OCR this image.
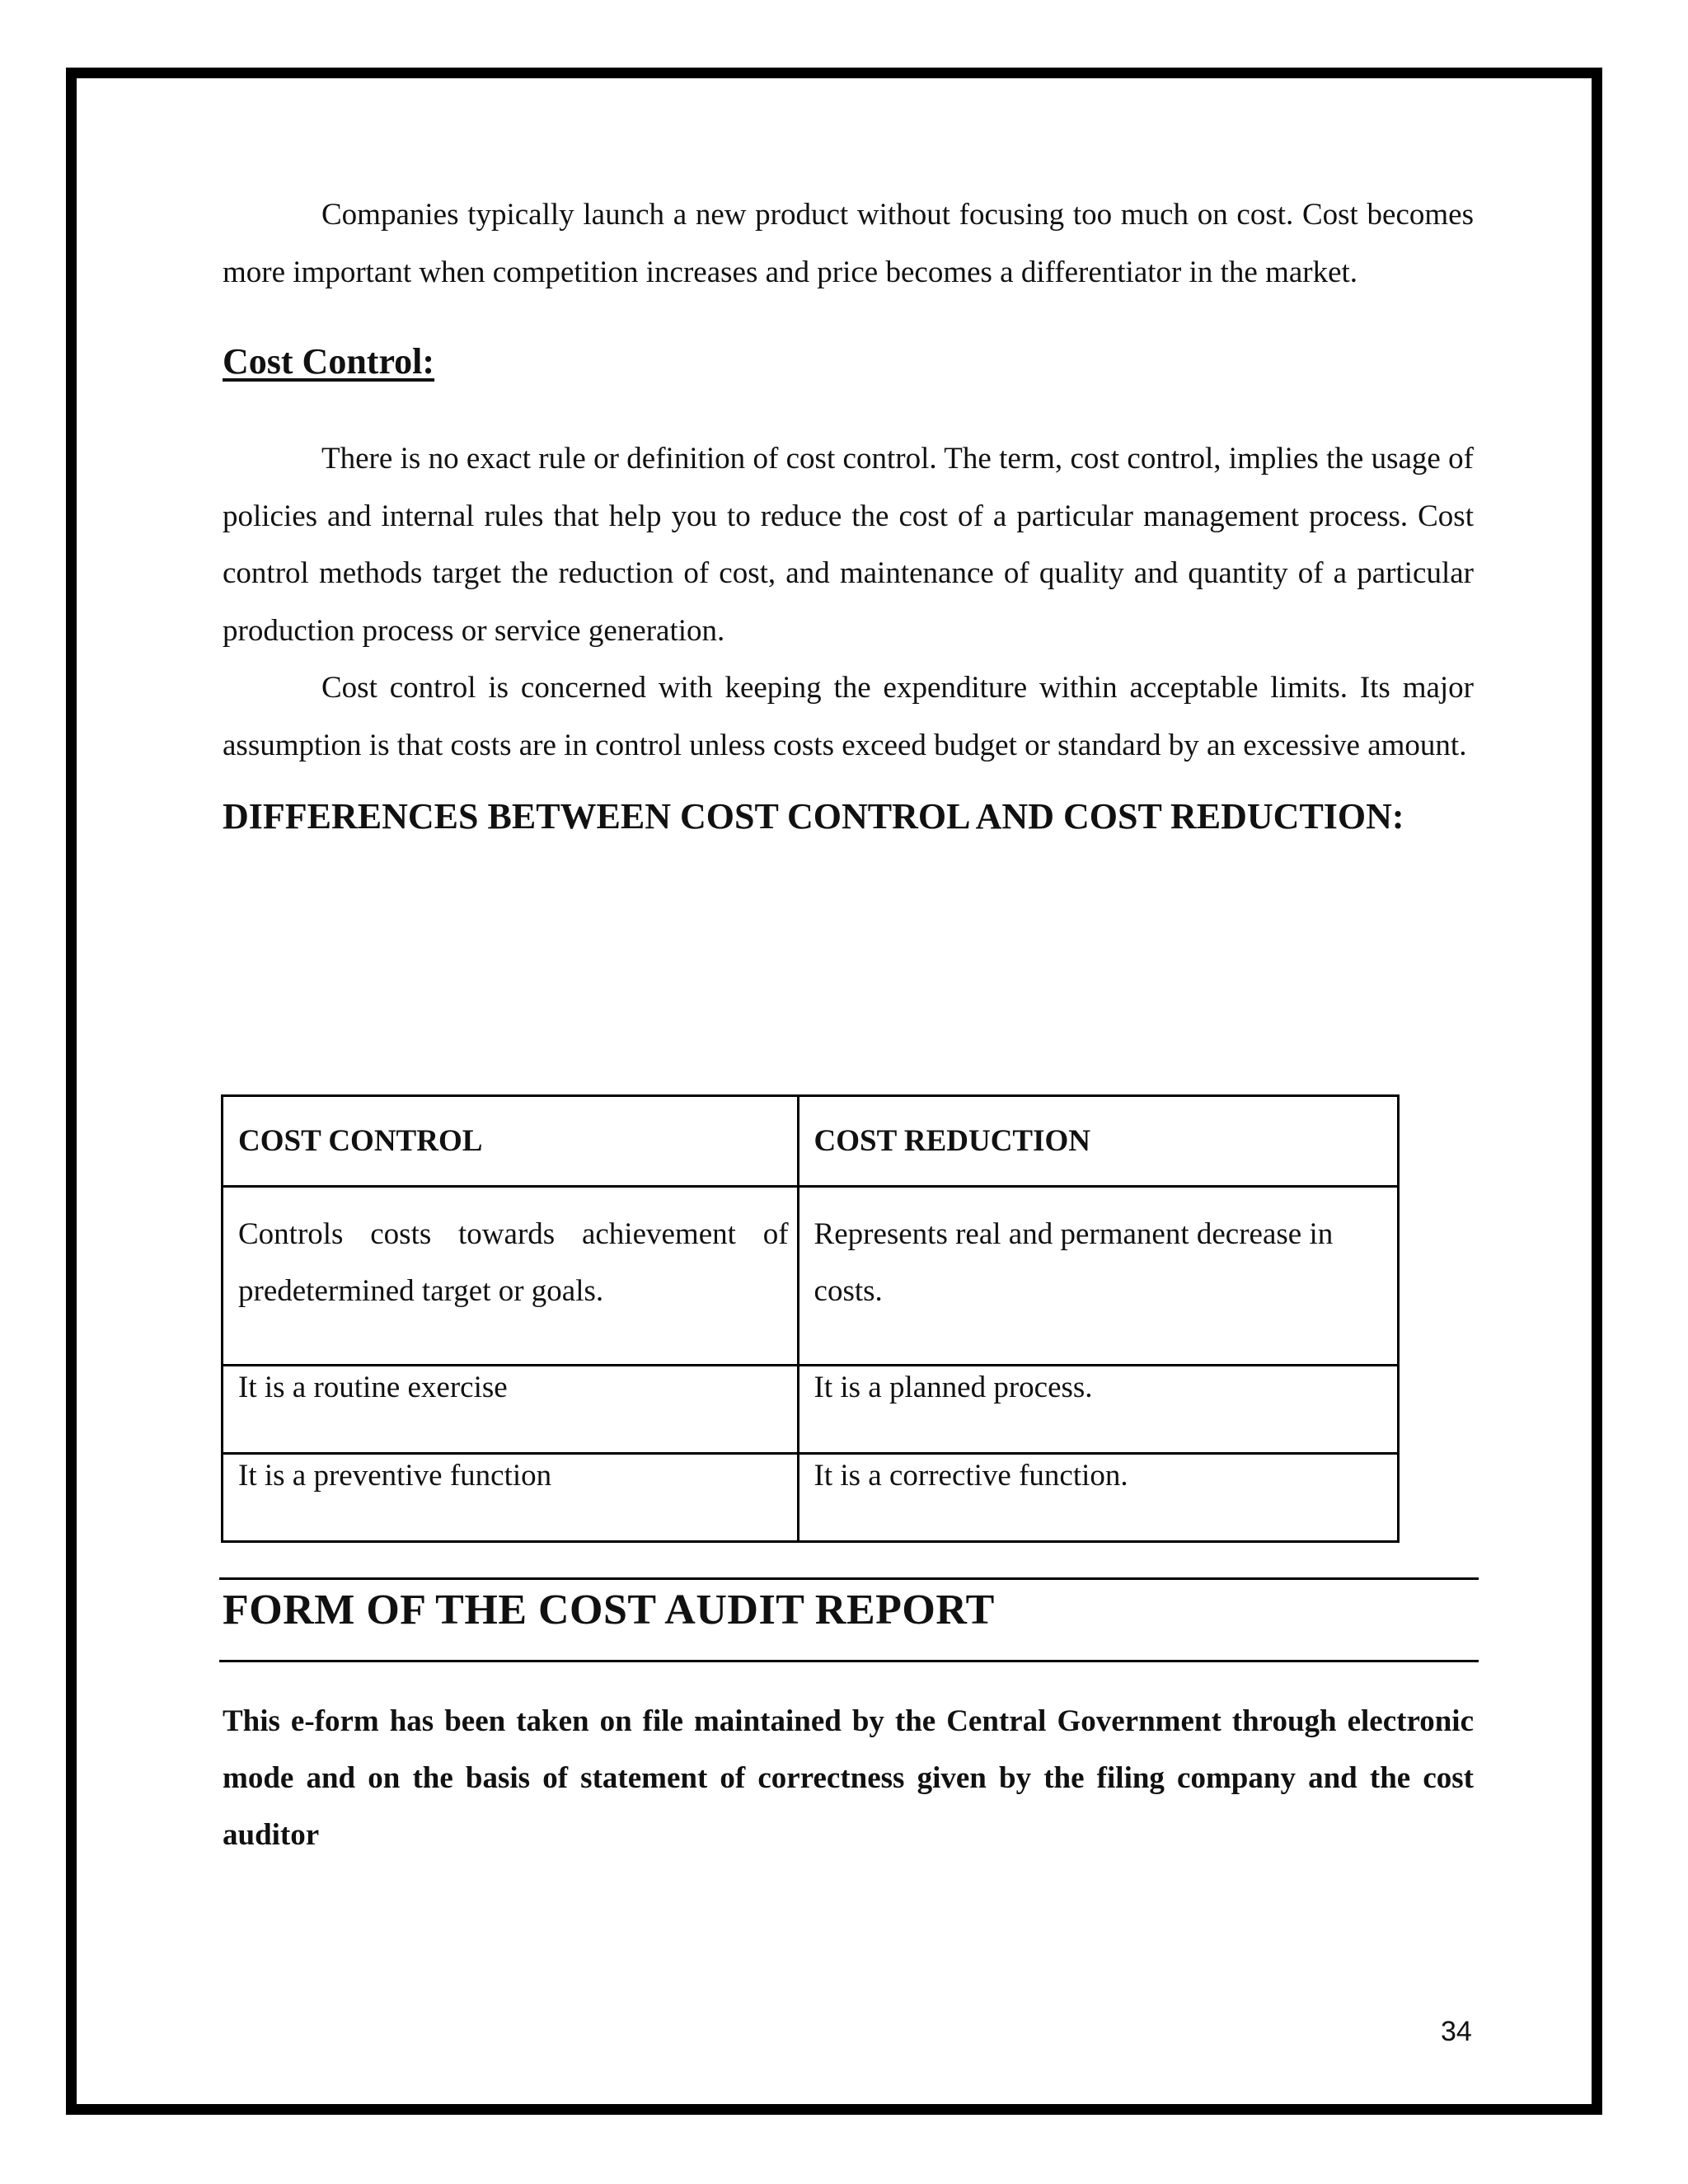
Companies typically launch a new product without focusing too much on cost. Cost becomes more important when competition increases and price becomes a differentiator in the market.

Cost Control:

There is no exact rule or definition of cost control. The term, cost control, implies the usage of policies and internal rules that help you to reduce the cost of a particular management process. Cost control methods target the reduction of cost, and maintenance of quality and quantity of a particular production process or service generation.

Cost control is concerned with keeping the expenditure within acceptable limits. Its major assumption is that costs are in control unless costs exceed budget or standard by an excessive amount.

DIFFERENCES BETWEEN COST CONTROL AND COST REDUCTION:
COST CONTROL	COST REDUCTION
Controls costs towards achievement of predetermined target or goals.	Represents real and permanent decrease in costs.
It is a routine exercise	It is a planned process.
It is a preventive function	It is a corrective function.
FORM OF THE COST AUDIT REPORT

This e-form has been taken on file maintained by the Central Government through electronic mode and on the basis of statement of correctness given by the filing company and the cost auditor

34
